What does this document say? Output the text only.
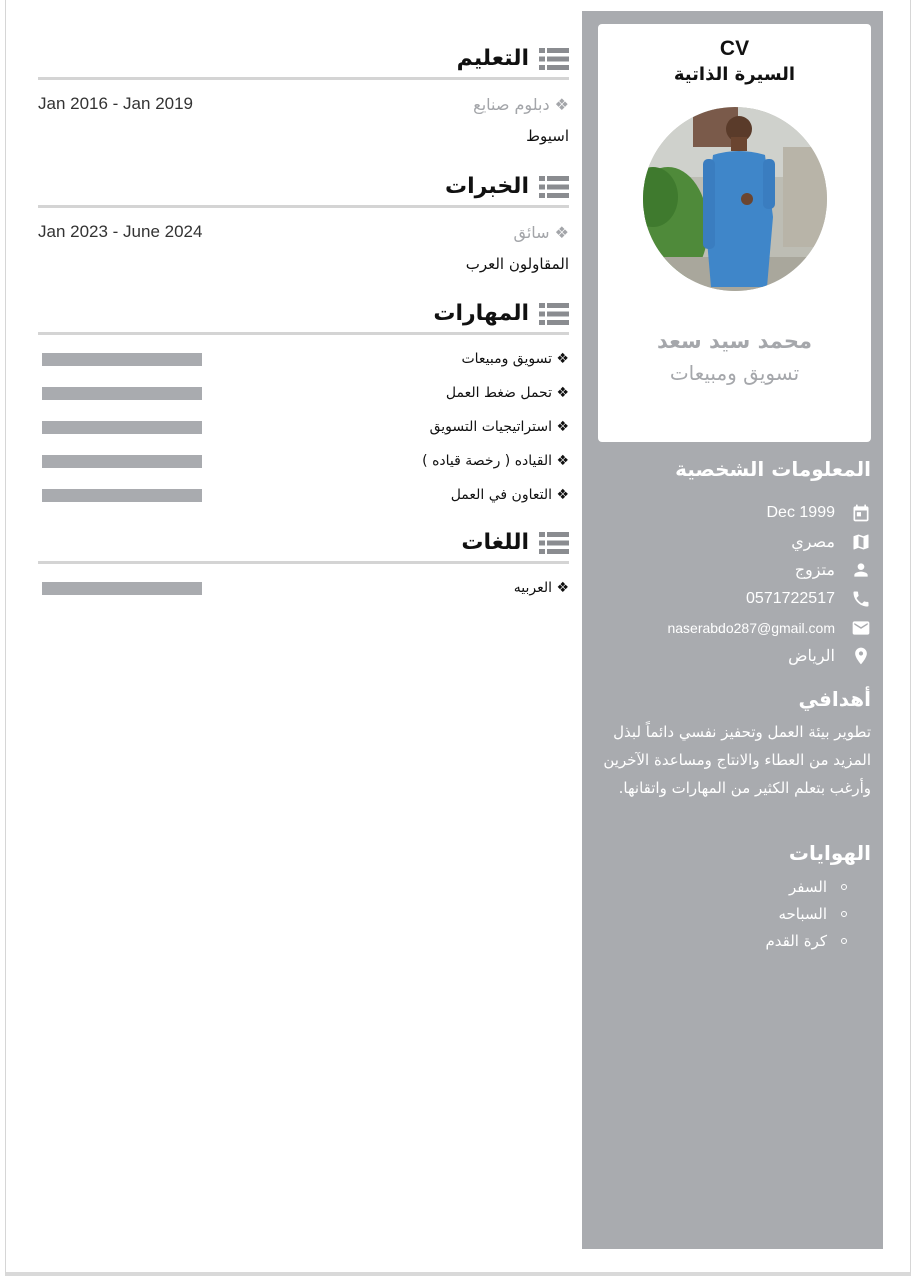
CV
السيرة الذاتية
محمد سيد سعد
تسويق ومبيعات
المعلومات الشخصية
Dec 1999
مصري
متزوج
0571722517
naserabdo287@gmail.com
الرياض
أهدافي

تطوير بيئة العمل وتحفيز نفسي دائماً لبذل المزيد من العطاء والانتاج ومساعدة الآخرين وأرغب بتعلم الكثير من المهارات واتقانها.

الهوايات
السفر
السباحه
كرة القدم
التعليم
❖ دبلوم صنايع
Jan 2016 - Jan 2019
اسيوط
الخبرات
❖ سائق
Jan 2023 - June 2024
المقاولون العرب
المهارات
❖ تسويق ومبيعات
❖ تحمل ضغط العمل
❖ استراتيجيات التسويق
❖ القياده ( رخصة قياده )
❖ التعاون في العمل
اللغات
❖ العربيه
